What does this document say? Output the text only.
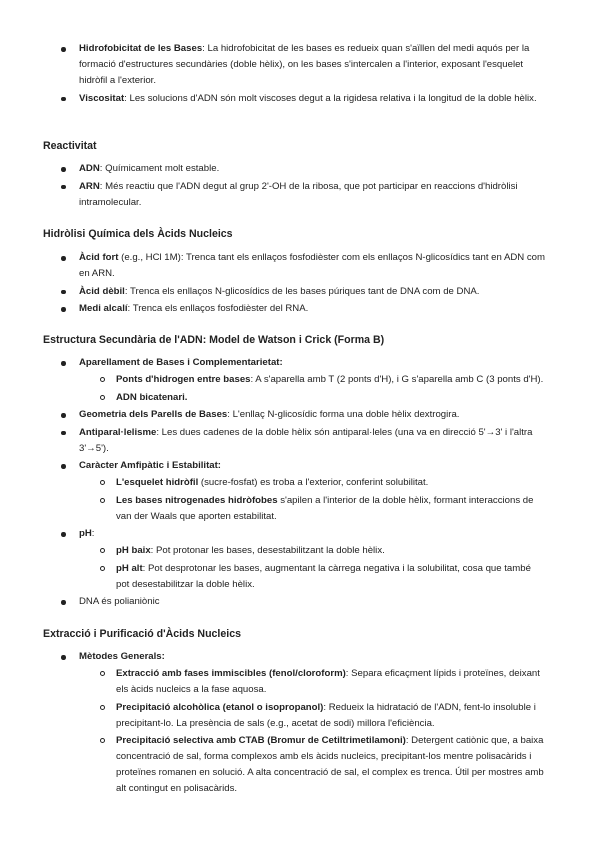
Hidrofobicitat de les Bases: La hidrofobicitat de les bases es redueix quan s'aïllen del medi aquós per la formació d'estructures secundàries (doble hèlix), on les bases s'intercalen a l'interior, exposant l'esquelet hidròfil a l'exterior.
Viscositat: Les solucions d'ADN són molt viscoses degut a la rigidesa relativa i la longitud de la doble hèlix.
Reactivitat
ADN: Químicament molt estable.
ARN: Més reactiu que l'ADN degut al grup 2'-OH de la ribosa, que pot participar en reaccions d'hidròlisi intramolecular.
Hidròlisi Química dels Àcids Nucleics
Àcid fort (e.g., HCl 1M): Trenca tant els enllaços fosfodièster com els enllaços N-glicosídics tant en ADN com en ARN.
Àcid dèbil: Trenca els enllaços N-glicosídics de les bases púriques tant de DNA com de DNA.
Medi alcalí: Trenca els enllaços fosfodièster del RNA.
Estructura Secundària de l'ADN: Model de Watson i Crick (Forma B)
Aparellament de Bases i Complementarietat:
Ponts d'hidrogen entre bases: A s'aparella amb T (2 ponts d'H), i G s'aparella amb C (3 ponts d'H).
ADN bicatenari.
Geometria dels Parells de Bases: L'enllaç N-glicosídic forma una doble hèlix dextrogira.
Antiparal·lelisme: Les dues cadenes de la doble hèlix són antiparal·leles (una va en direcció 5'→3' i l'altra 3'→5').
Caràcter Amfipàtic i Estabilitat:
L'esquelet hidròfil (sucre-fosfat) es troba a l'exterior, conferint solubilitat.
Les bases nitrogenades hidròfobes s'apilen a l'interior de la doble hèlix, formant interaccions de van der Waals que aporten estabilitat.
pH:
pH baix: Pot protonar les bases, desestabilitzant la doble hèlix.
pH alt: Pot desprotonar les bases, augmentant la càrrega negativa i la solubilitat, cosa que també pot desestabilitzar la doble hèlix.
DNA és polianiònic
Extracció i Purificació d'Àcids Nucleics
Mètodes Generals:
Extracció amb fases immiscibles (fenol/cloroform): Separa eficaçment lípids i proteïnes, deixant els àcids nucleics a la fase aquosa.
Precipitació alcohòlica (etanol o isopropanol): Redueix la hidratació de l'ADN, fent-lo insoluble i precipitant-lo. La presència de sals (e.g., acetat de sodi) millora l'eficiència.
Precipitació selectiva amb CTAB (Bromur de Cetiltrimetilamoni): Detergent catiònic que, a baixa concentració de sal, forma complexos amb els àcids nucleics, precipitant-los mentre polisacàrids i proteïnes romanen en solució. A alta concentració de sal, el complex es trenca. Útil per mostres amb alt contingut en polisacàrids.
